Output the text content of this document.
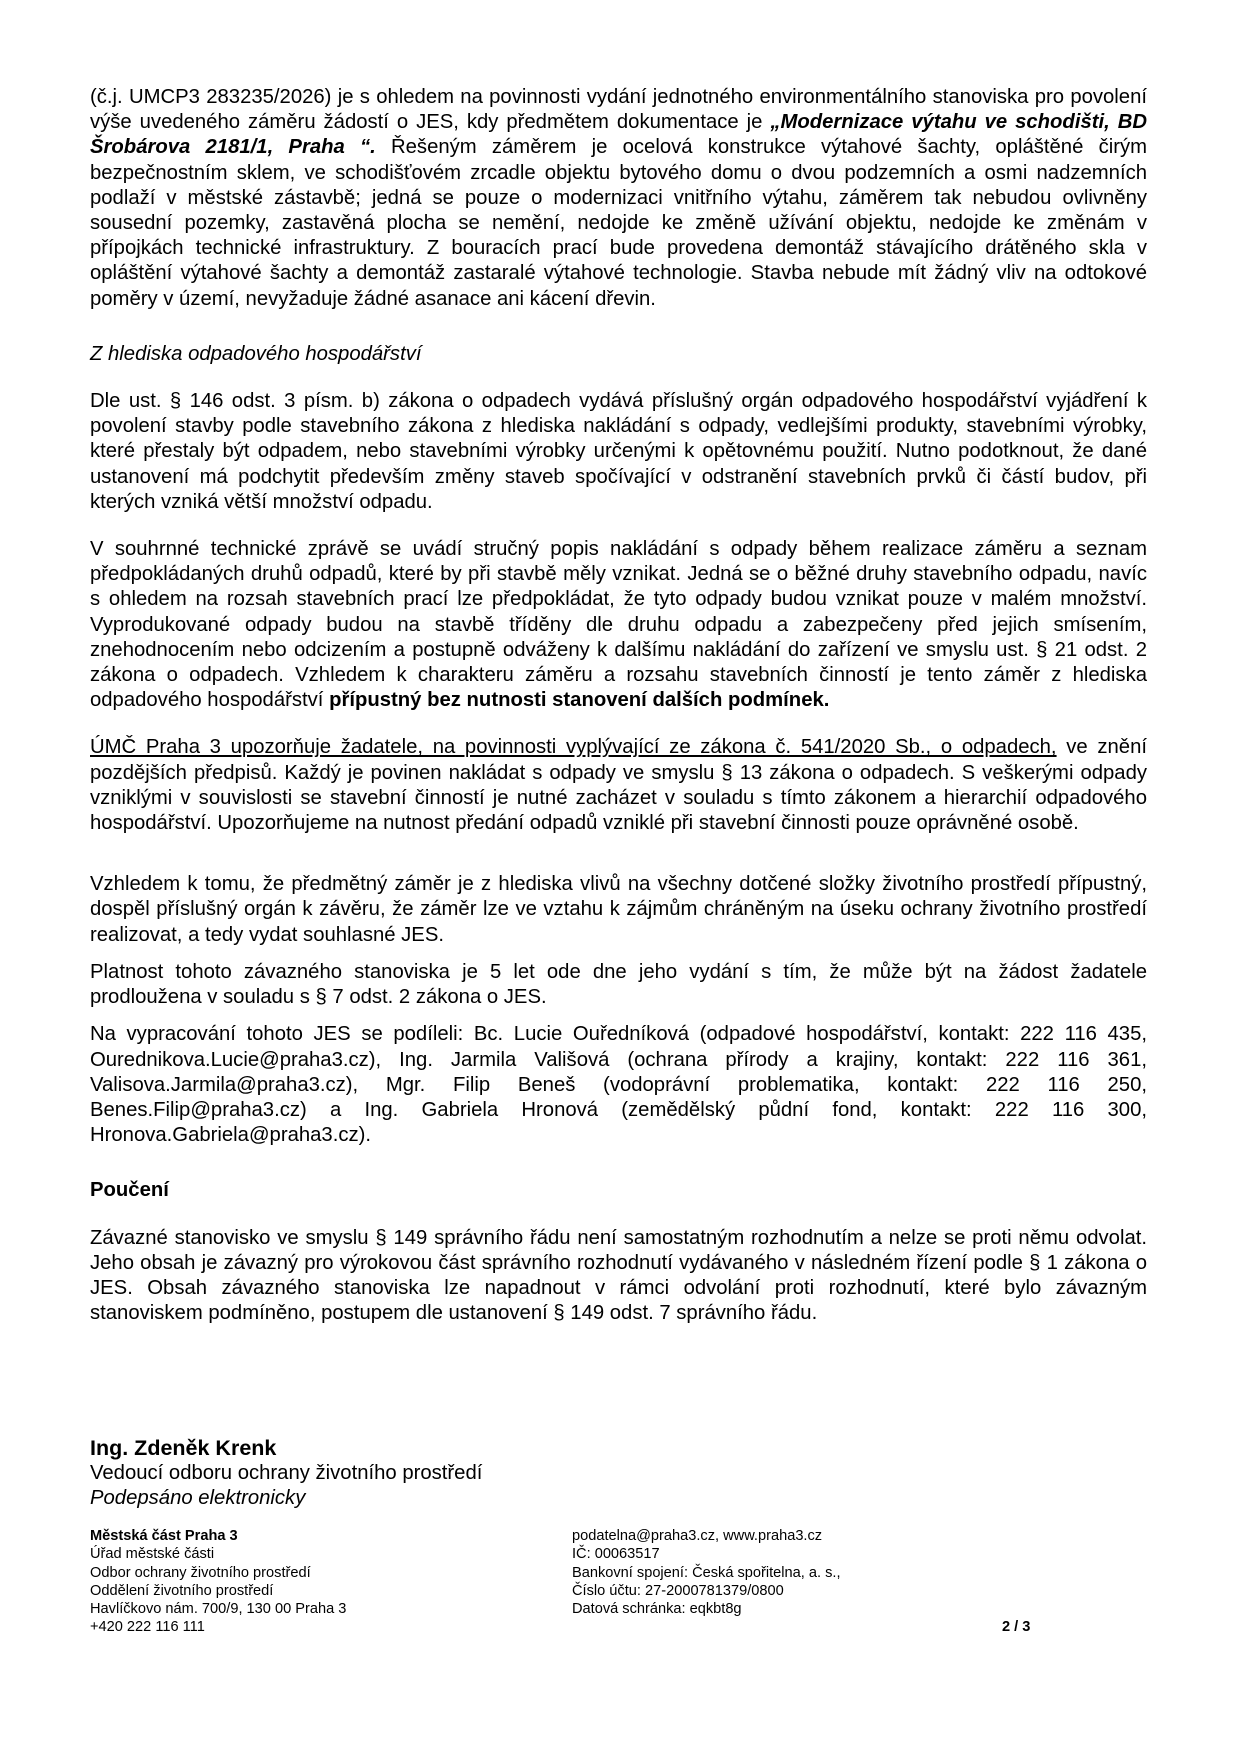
(č.j. UMCP3 283235/2026) je s ohledem na povinnosti vydání jednotného environmentálního stanoviska pro povolení výše uvedeného záměru žádostí o JES, kdy předmětem dokumentace je „Modernizace výtahu ve schodišti, BD Šrobárova 2181/1, Praha “. Řešeným záměrem je ocelová konstrukce výtahové šachty, opláštěné čirým bezpečnostním sklem, ve schodišťovém zrcadle objektu bytového domu o dvou podzemních a osmi nadzemních podlaží v městské zástavbě; jedná se pouze o modernizaci vnitřního výtahu, záměrem tak nebudou ovlivněny sousední pozemky, zastavěná plocha se nemění, nedojde ke změně užívání objektu, nedojde ke změnám v přípojkách technické infrastruktury. Z bouracích prací bude provedena demontáž stávajícího drátěného skla v opláštění výtahové šachty a demontáž zastaralé výtahové technologie. Stavba nebude mít žádný vliv na odtokové poměry v území, nevyžaduje žádné asanace ani kácení dřevin.

Z hlediska odpadového hospodářství

Dle ust. § 146 odst. 3 písm. b) zákona o odpadech vydává příslušný orgán odpadového hospodářství vyjádření k povolení stavby podle stavebního zákona z hlediska nakládání s odpady, vedlejšími produkty, stavebními výrobky, které přestaly být odpadem, nebo stavebními výrobky určenými k opětovnému použití. Nutno podotknout, že dané ustanovení má podchytit především změny staveb spočívající v odstranění stavebních prvků či částí budov, při kterých vzniká větší množství odpadu.

V souhrnné technické zprávě se uvádí stručný popis nakládání s odpady během realizace záměru a seznam předpokládaných druhů odpadů, které by při stavbě měly vznikat. Jedná se o běžné druhy stavebního odpadu, navíc s ohledem na rozsah stavebních prací lze předpokládat, že tyto odpady budou vznikat pouze v malém množství. Vyprodukované odpady budou na stavbě tříděny dle druhu odpadu a zabezpečeny před jejich smísením, znehodnocením nebo odcizením a postupně odváženy k dalšímu nakládání do zařízení ve smyslu ust. § 21 odst. 2 zákona o odpadech. Vzhledem k charakteru záměru a rozsahu stavebních činností je tento záměr z hlediska odpadového hospodářství přípustný bez nutnosti stanovení dalších podmínek.

ÚMČ Praha 3 upozorňuje žadatele, na povinnosti vyplývající ze zákona č. 541/2020 Sb., o odpadech, ve znění pozdějších předpisů. Každý je povinen nakládat s odpady ve smyslu § 13 zákona o odpadech. S veškerými odpady vzniklými v souvislosti se stavební činností je nutné zacházet v souladu s tímto zákonem a hierarchií odpadového hospodářství. Upozorňujeme na nutnost předání odpadů vzniklé při stavební činnosti pouze oprávněné osobě.

Vzhledem k tomu, že předmětný záměr je z hlediska vlivů na všechny dotčené složky životního prostředí přípustný, dospěl příslušný orgán k závěru, že záměr lze ve vztahu k zájmům chráněným na úseku ochrany životního prostředí realizovat, a tedy vydat souhlasné JES.

Platnost tohoto závazného stanoviska je 5 let ode dne jeho vydání s tím, že může být na žádost žadatele prodloužena v souladu s § 7 odst. 2 zákona o JES.

Na vypracování tohoto JES se podíleli: Bc. Lucie Ouředníková (odpadové hospodářství, kontakt: 222 116 435, Ourednikova.Lucie@praha3.cz), Ing. Jarmila Vališová (ochrana přírody a krajiny, kontakt: 222 116 361, Valisova.Jarmila@praha3.cz), Mgr. Filip Beneš (vodoprávní problematika, kontakt: 222 116 250, Benes.Filip@praha3.cz) a Ing. Gabriela Hronová (zemědělský půdní fond, kontakt: 222 116 300, Hronova.Gabriela@praha3.cz).

Poučení

Závazné stanovisko ve smyslu § 149 správního řádu není samostatným rozhodnutím a nelze se proti němu odvolat. Jeho obsah je závazný pro výrokovou část správního rozhodnutí vydávaného v následném řízení podle § 1 zákona o JES. Obsah závazného stanoviska lze napadnout v rámci odvolání proti rozhodnutí, které bylo závazným stanoviskem podmíněno, postupem dle ustanovení § 149 odst. 7 správního řádu.

Ing. Zdeněk Krenk
Vedoucí odboru ochrany životního prostředí
Podepsáno elektronicky
Městská část Praha 3
Úřad městské části
Odbor ochrany životního prostředí
Oddělení životního prostředí
Havlíčkovo nám. 700/9, 130 00 Praha 3
+420 222 116 111
podatelna@praha3.cz, www.praha3.cz
IČ: 00063517
Bankovní spojení: Česká spořitelna, a. s.,
Číslo účtu: 27-2000781379/0800
Datová schránka: eqkbt8g
2 / 3
